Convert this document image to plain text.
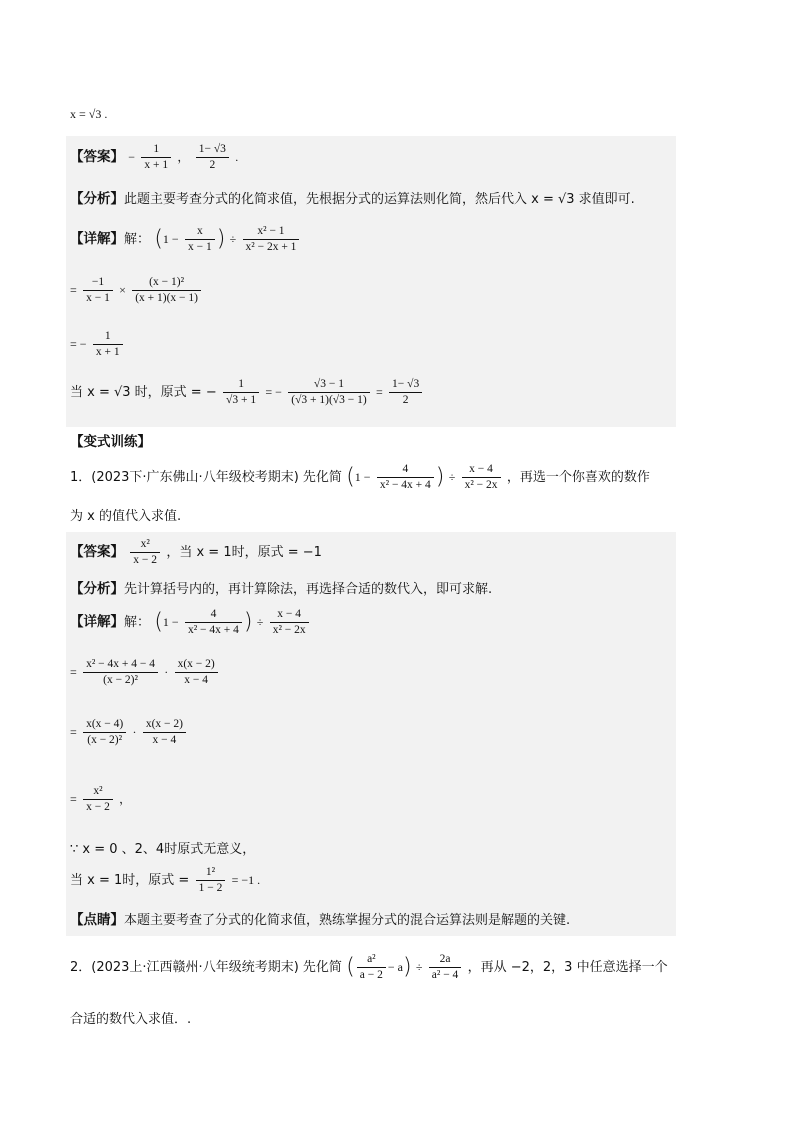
x = √3 .
【答案】 − $\frac{1}{x + 1}$ ， $\frac{1- √3}{2}$ .
【分析】此题主要考查分式的化简求值，先根据分式的运算法则化简，然后代入 x = √3 求值即可.
【详解】解： ($1 - \frac{x}{x - 1}$ ) ÷ $\frac{\text{x² − 1}}{\text{x² − 2x + 1}}$
= $\frac{-1}{x - 1} \times \frac{\text{(x − 1)²}}{(x + 1)(x - 1)}$
= − $\frac{1}{x + 1}$
当 x = √3 时，原式 = − $\frac{1}{√3 + 1}$ = − $\frac{√3 - 1}{(√3 + 1)(√3 - 1)} = \frac{1- √3}{2}$
【变式训练】
1．(2023下·广东佛山·八年级校考期末) 先化简 ($1 - \frac{4}{\text{x² − 4x + 4}}$ ) ÷ $\frac{x - 4}{\text{x² − 2x}}$ ，再选一个你喜欢的数作
为 x 的值代入求值.
【答案】 $\frac{\text{x²}}{x - 2}$ ，当 x = 1时，原式 = −1
【分析】先计算括号内的，再计算除法，再选择合适的数代入，即可求解.
【详解】解： ($1 - \frac{4}{\text{x² − 4x + 4}}$ ) ÷ $\frac{x - 4}{\text{x² − 2x}}$
= $\frac{\text{x² − 4x + 4 − 4}}{\text{(x − 2)²}} \cdot \frac{x(x - 2)}{x - 4}$
= $\frac{x(x - 4)}{\text{(x − 2)²}} \cdot \frac{x(x - 2)}{x - 4}$
= $\frac{\text{x²}}{x - 2}$ ，
∵ x = 0 、2、4时原式无意义，
当 x = 1时，原式 = $\frac{\text{1²}}{1 - 2} = -1$ .
【点睛】本题主要考查了分式的化简求值，熟练掌握分式的混合运算法则是解题的关键.
2．(2023上·江西赣州·八年级统考期末) 先化简 ( $\frac{\text{a²}}{a - 2} - a) \div \frac{2a}{\text{a² − 4}}$ ，再从 −2，2，3 中任意选择一个
合适的数代入求值．.
